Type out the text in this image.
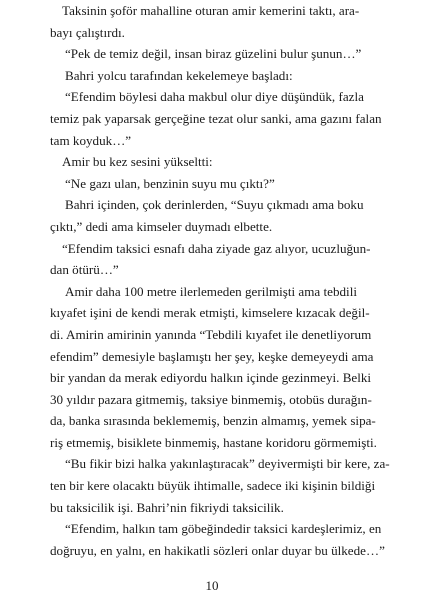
Taksinin şoför mahalline oturan amir kemerini taktı, ara-
bayı çalıştırdı.
“Pek de temiz değil, insan biraz güzelini bulur şunun…”
Bahri yolcu tarafından kekelemeye başladı:
“Efendim böylesi daha makbul olur diye düşündük, fazla
temiz pak yaparsak gerçeğine tezat olur sanki, ama gazını falan
tam koyduk…”
Amir bu kez sesini yükseltti:
“Ne gazı ulan, benzinin suyu mu çıktı?”
Bahri içinden, çok derinlerden, “Suyu çıkmadı ama boku
çıktı,” dedi ama kimseler duymadı elbette.
“Efendim taksici esnafı daha ziyade gaz alıyor, ucuzluğun-
dan ötürü…”
Amir daha 100 metre ilerlemeden gerilmişti ama tebdili
kıyafet işini de kendi merak etmişti, kimselere kızacak değil-
di. Amirin amirinin yanında “Tebdili kıyafet ile denetliyorum
efendim” demesiyle başlamıştı her şey, keşke demeyeydi ama
bir yandan da merak ediyordu halkın içinde gezinmeyi. Belki
30 yıldır pazara gitmemiş, taksiye binmemiş, otobüs durağın-
da, banka sırasında beklememiş, benzin almamış, yemek sipa-
riş etmemiş, bisiklete binmemiş, hastane koridoru görmemişti.
“Bu fikir bizi halka yakınlaştıracak” deyivermişti bir kere, za-
ten bir kere olacaktı büyük ihtimalle, sadece iki kişinin bildiği
bu taksicilik işi. Bahri’nin fikriydi taksicilik.
“Efendim, halkın tam göbeğindedir taksici kardeşlerimiz, en
doğruyu, en yalnı, en hakikatli sözleri onlar duyar bu ülkede…”
10
